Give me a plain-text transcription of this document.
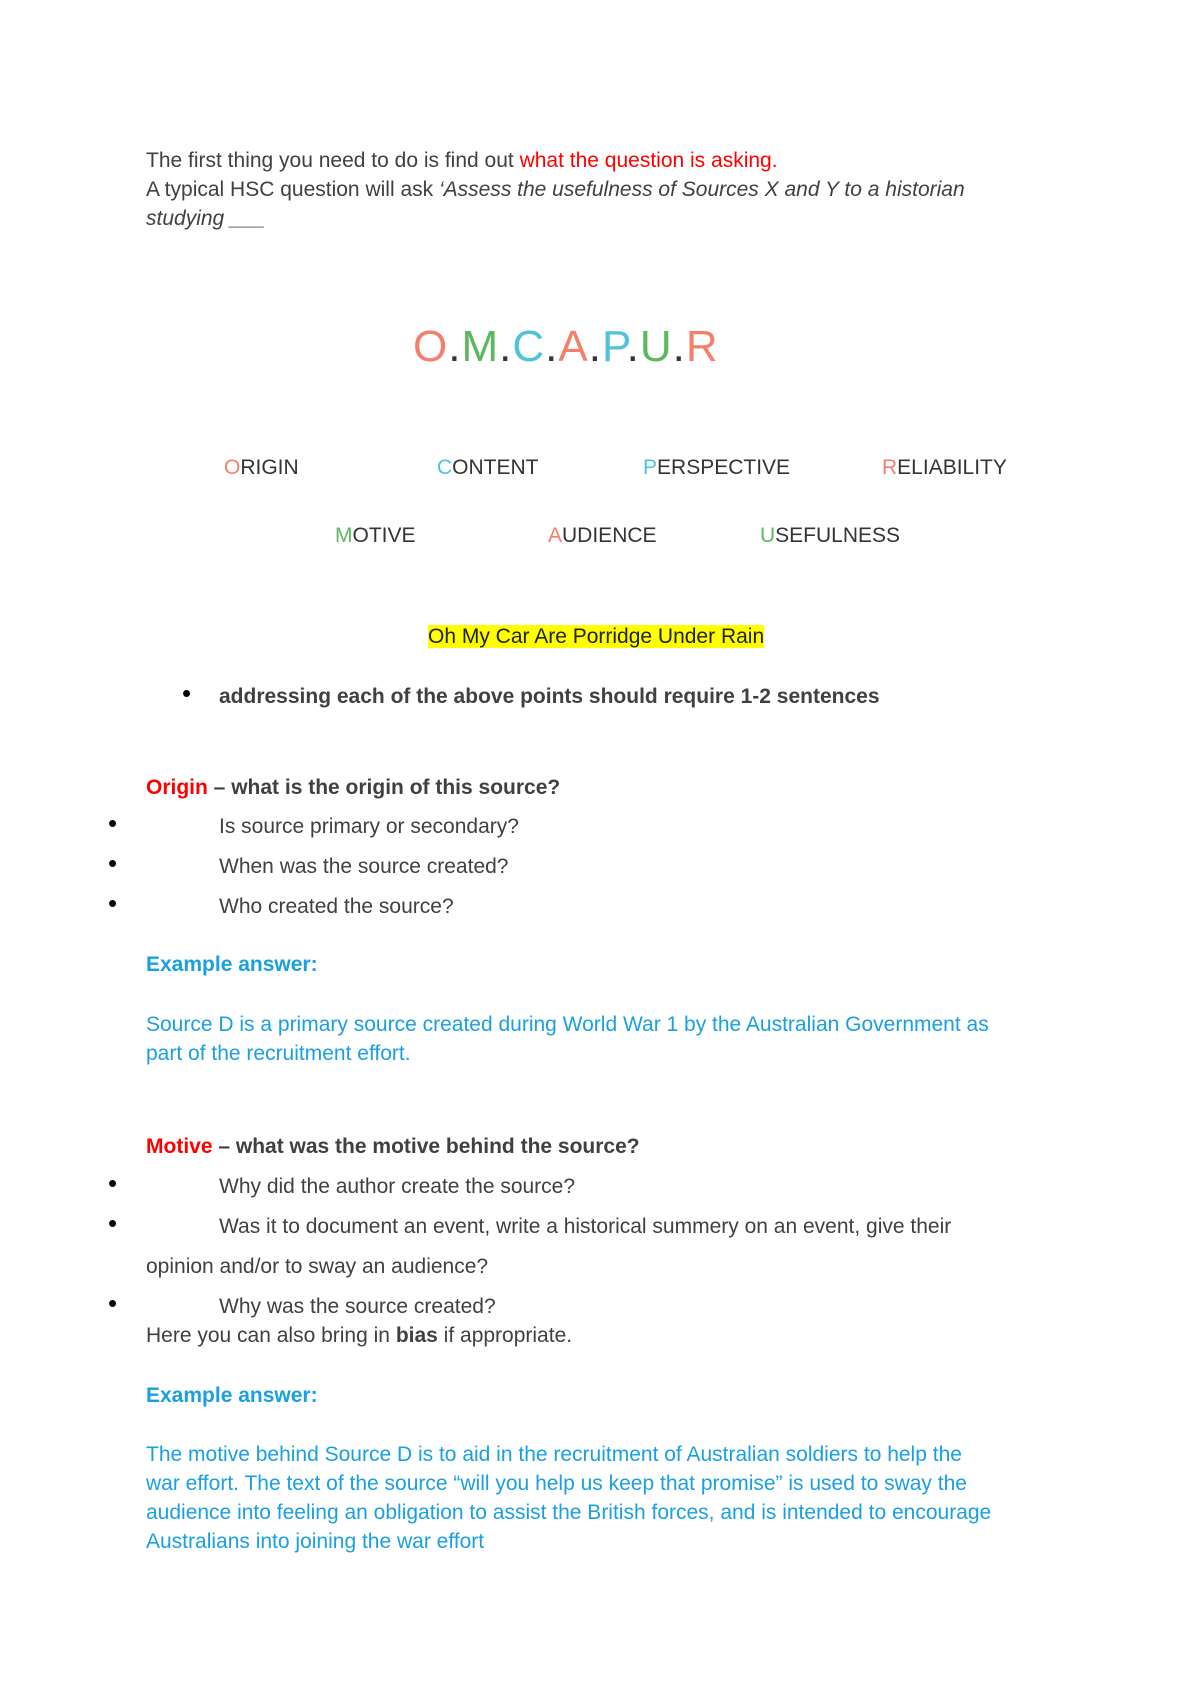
The first thing you need to do is find out what the question is asking.
A typical HSC question will ask ‘Assess the usefulness of Sources X and Y to a historian
studying ___
O.M.C.A.P.U.R
ORIGIN	CONTENT	PERSPECTIVE	RELIABILITY
MOTIVE	AUDIENCE	USEFULNESS
Oh My Car Are Porridge Under Rain
• addressing each of the above points should require 1-2 sentences
Origin – what is the origin of this source?
•	Is source primary or secondary?
•	When was the source created?
•	Who created the source?
Example answer:
Source D is a primary source created during World War 1 by the Australian Government as
part of the recruitment effort.
Motive – what was the motive behind the source?
•	Why did the author create the source?
•	Was it to document an event, write a historical summery on an event, give their
opinion and/or to sway an audience?
•	Why was the source created?
Here you can also bring in bias if appropriate.
Example answer:
The motive behind Source D is to aid in the recruitment of Australian soldiers to help the
war effort. The text of the source “will you help us keep that promise” is used to sway the
audience into feeling an obligation to assist the British forces, and is intended to encourage
Australians into joining the war effort
